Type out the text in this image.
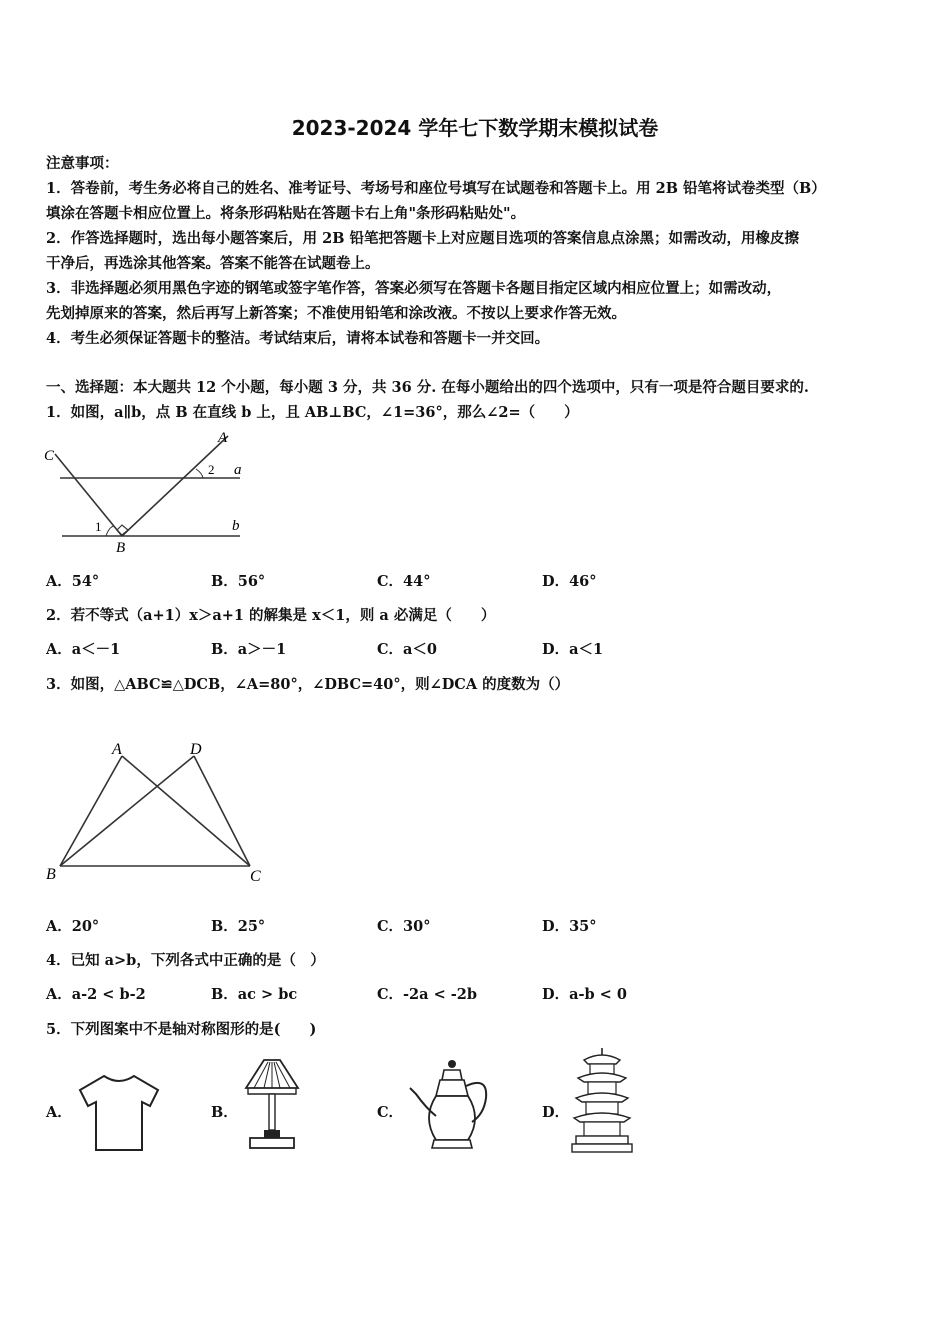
2023-2024 学年七下数学期末模拟试卷
注意事项：
1．答卷前，考生务必将自己的姓名、准考证号、考场号和座位号填写在试题卷和答题卡上。用 2B 铅笔将试卷类型（B）
填涂在答题卡相应位置上。将条形码粘贴在答题卡右上角"条形码粘贴处"。
2．作答选择题时，选出每小题答案后，用 2B 铅笔把答题卡上对应题目选项的答案信息点涂黑；如需改动，用橡皮擦
干净后，再选涂其他答案。答案不能答在试题卷上。
3．非选择题必须用黑色字迹的钢笔或签字笔作答，答案必须写在答题卡各题目指定区域内相应位置上；如需改动，
先划掉原来的答案，然后再写上新答案；不准使用铅笔和涂改液。不按以上要求作答无效。
4．考生必须保证答题卡的整洁。考试结束后，请将本试卷和答题卡一并交回。
一、选择题：本大题共 12 个小题，每小题 3 分，共 36 分. 在每小题给出的四个选项中，只有一项是符合题目要求的.
1．如图，a∥b，点 B 在直线 b 上，且 AB⊥BC，∠1=36°，那么∠2=（　　）
C
A
a
b
B
1
2
A．54°	B．56°	C．44°	D．46°
2．若不等式（a+1）x＞a+1 的解集是 x＜1，则 a 必满足（　　）
A．a＜－1	B．a＞－1	C．a＜0	D．a＜1
3．如图，△ABC≌△DCB，∠A=80°，∠DBC=40°，则∠DCA 的度数为（）
A	D
B	C
A．20°	B．25°	C．30°	D．35°
4．已知 a>b，下列各式中正确的是（　）
A．a-2 < b-2	B．ac > bc	C．-2a < -2b	D．a-b < 0
5．下列图案中不是轴对称图形的是(　　)
A．	B．	C．	D．
